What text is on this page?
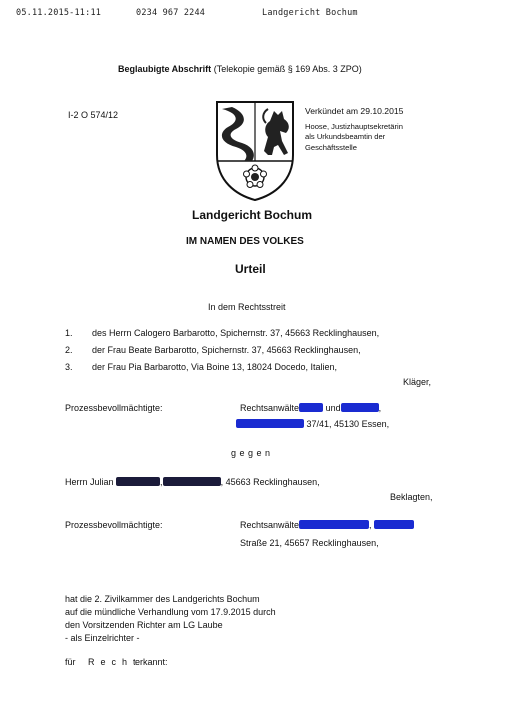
05.11.2015-11:11	0234 967 2244	Landgericht Bochum
Beglaubigte Abschrift (Telekopie gemäß § 169 Abs. 3 ZPO)
I-2 O 574/12	Verkündet am 29.10.2015
Hoose, Justizhauptsekretärin
als Urkundsbeamtin der
Geschäftsstelle
Landgericht Bochum
IM NAMEN DES VOLKES
Urteil
In dem Rechtsstreit
1. des Herrn Calogero Barbarotto, Spichernstr. 37, 45663 Recklinghausen,
2. der Frau Beate Barbarotto, Spichernstr. 37, 45663 Recklinghausen,
3. der Frau Pia Barbarotto, Via Boine 13, 18024 Docedo, Italien,
Kläger,
Prozessbevollmächtigte:	Rechtsanwälte	und	,
37/41, 45130 Essen,
gegen
Herrn Julian	,	, 45663 Recklinghausen,
Beklagten,
Prozessbevollmächtigte:	Rechtsanwälte	,
Straße 21, 45657 Recklinghausen,
hat die 2. Zivilkammer des Landgerichts Bochum
auf die mündliche Verhandlung vom 17.9.2015 durch
den Vorsitzenden Richter am LG Laube
- als Einzelrichter -
für Recht
erkannt:
